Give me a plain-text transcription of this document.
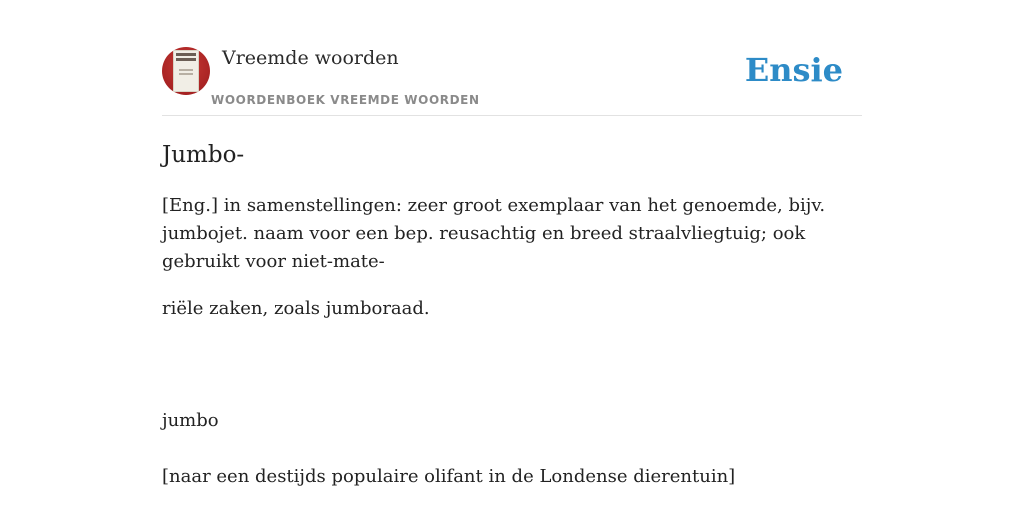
Vreemde woorden
WOORDENBOEK VREEMDE WOORDEN
Ensie
Jumbo-

[Eng.] in samenstellingen: zeer groot exemplaar van het genoemde, bijv. jumbojet. naam voor een bep. reusachtig en breed straalvliegtuig; ook gebruikt voor niet-mate-

riële zaken, zoals jumboraad.

jumbo

[naar een destijds populaire olifant in de Londense dierentuin]
